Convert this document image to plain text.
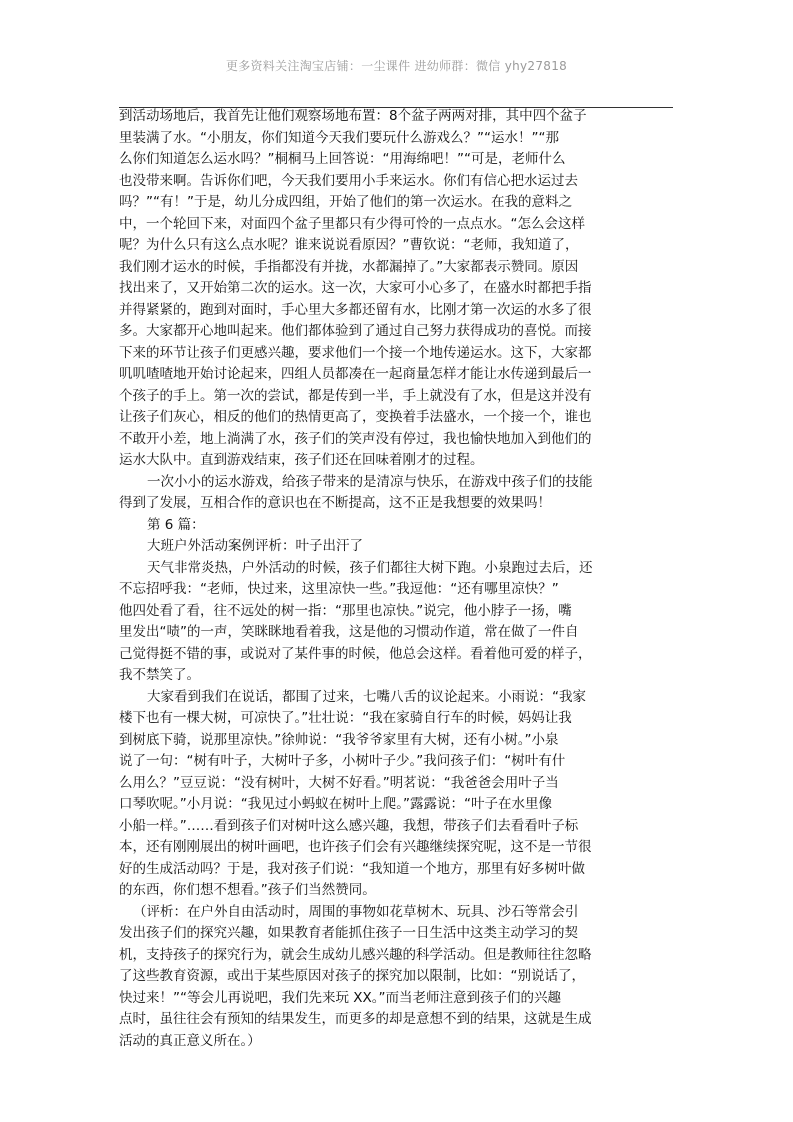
更多资料关注淘宝店铺：一尘课件 进幼师群：微信 yhy27818
到活动场地后，我首先让他们观察场地布置：8个盆子两两对排，其中四个盆子
里装满了水。“小朋友，你们知道今天我们要玩什么游戏么？”“运水！”“那
么你们知道怎么运水吗？”桐桐马上回答说：“用海绵吧！”“可是，老师什么
也没带来啊。告诉你们吧，今天我们要用小手来运水。你们有信心把水运过去
吗？”“有！”于是，幼儿分成四组，开始了他们的第一次运水。在我的意料之
中，一个轮回下来，对面四个盆子里都只有少得可怜的一点点水。“怎么会这样
呢？为什么只有这么点水呢？谁来说说看原因？”曹钦说：“老师，我知道了，
我们刚才运水的时候，手指都没有并拢，水都漏掉了。”大家都表示赞同。原因
找出来了，又开始第二次的运水。这一次，大家可小心多了，在盛水时都把手指
并得紧紧的，跑到对面时，手心里大多都还留有水，比刚才第一次运的水多了很
多。大家都开心地叫起来。他们都体验到了通过自己努力获得成功的喜悦。而接
下来的环节让孩子们更感兴趣，要求他们一个接一个地传递运水。这下，大家都
叽叽喳喳地开始讨论起来，四组人员都凑在一起商量怎样才能让水传递到最后一
个孩子的手上。第一次的尝试，都是传到一半，手上就没有了水，但是这并没有
让孩子们灰心，相反的他们的热情更高了，变换着手法盛水，一个接一个，谁也
不敢开小差，地上淌满了水，孩子们的笑声没有停过，我也愉快地加入到他们的
运水大队中。直到游戏结束，孩子们还在回味着刚才的过程。
一次小小的运水游戏，给孩子带来的是清凉与快乐，在游戏中孩子们的技能
得到了发展，互相合作的意识也在不断提高，这不正是我想要的效果吗！
第 6 篇：
大班户外活动案例评析：叶子出汗了
天气非常炎热，户外活动的时候，孩子们都往大树下跑。小泉跑过去后，还
不忘招呼我：“老师，快过来，这里凉快一些。”我逗他：“还有哪里凉快？”
他四处看了看，往不远处的树一指：“那里也凉快。”说完，他小脖子一扬，嘴
里发出“啧”的一声，笑眯眯地看着我，这是他的习惯动作道，常在做了一件自
己觉得挺不错的事，或说对了某件事的时候，他总会这样。看着他可爱的样子，
我不禁笑了。
大家看到我们在说话，都围了过来，七嘴八舌的议论起来。小雨说：“我家
楼下也有一棵大树，可凉快了。”壮壮说：“我在家骑自行车的时候，妈妈让我
到树底下骑，说那里凉快。”徐帅说：“我爷爷家里有大树，还有小树。”小泉
说了一句：“树有叶子，大树叶子多，小树叶子少。”我问孩子们：“树叶有什
么用么？”豆豆说：“没有树叶，大树不好看。”明茗说：“我爸爸会用叶子当
口琴吹呢。”小月说：“我见过小蚂蚁在树叶上爬。”露露说：“叶子在水里像
小船一样。”……看到孩子们对树叶这么感兴趣，我想，带孩子们去看看叶子标
本，还有刚刚展出的树叶画吧，也许孩子们会有兴趣继续探究呢，这不是一节很
好的生成活动吗？于是，我对孩子们说：“我知道一个地方，那里有好多树叶做
的东西，你们想不想看。”孩子们当然赞同。
（评析：在户外自由活动时，周围的事物如花草树木、玩具、沙石等常会引
发出孩子们的探究兴趣，如果教育者能抓住孩子一日生活中这类主动学习的契
机，支持孩子的探究行为，就会生成幼儿感兴趣的科学活动。但是教师往往忽略
了这些教育资源，或出于某些原因对孩子的探究加以限制，比如：“别说话了，
快过来！”“等会儿再说吧，我们先来玩 XX。”而当老师注意到孩子们的兴趣
点时，虽往往会有预知的结果发生，而更多的却是意想不到的结果，这就是生成
活动的真正意义所在。）
